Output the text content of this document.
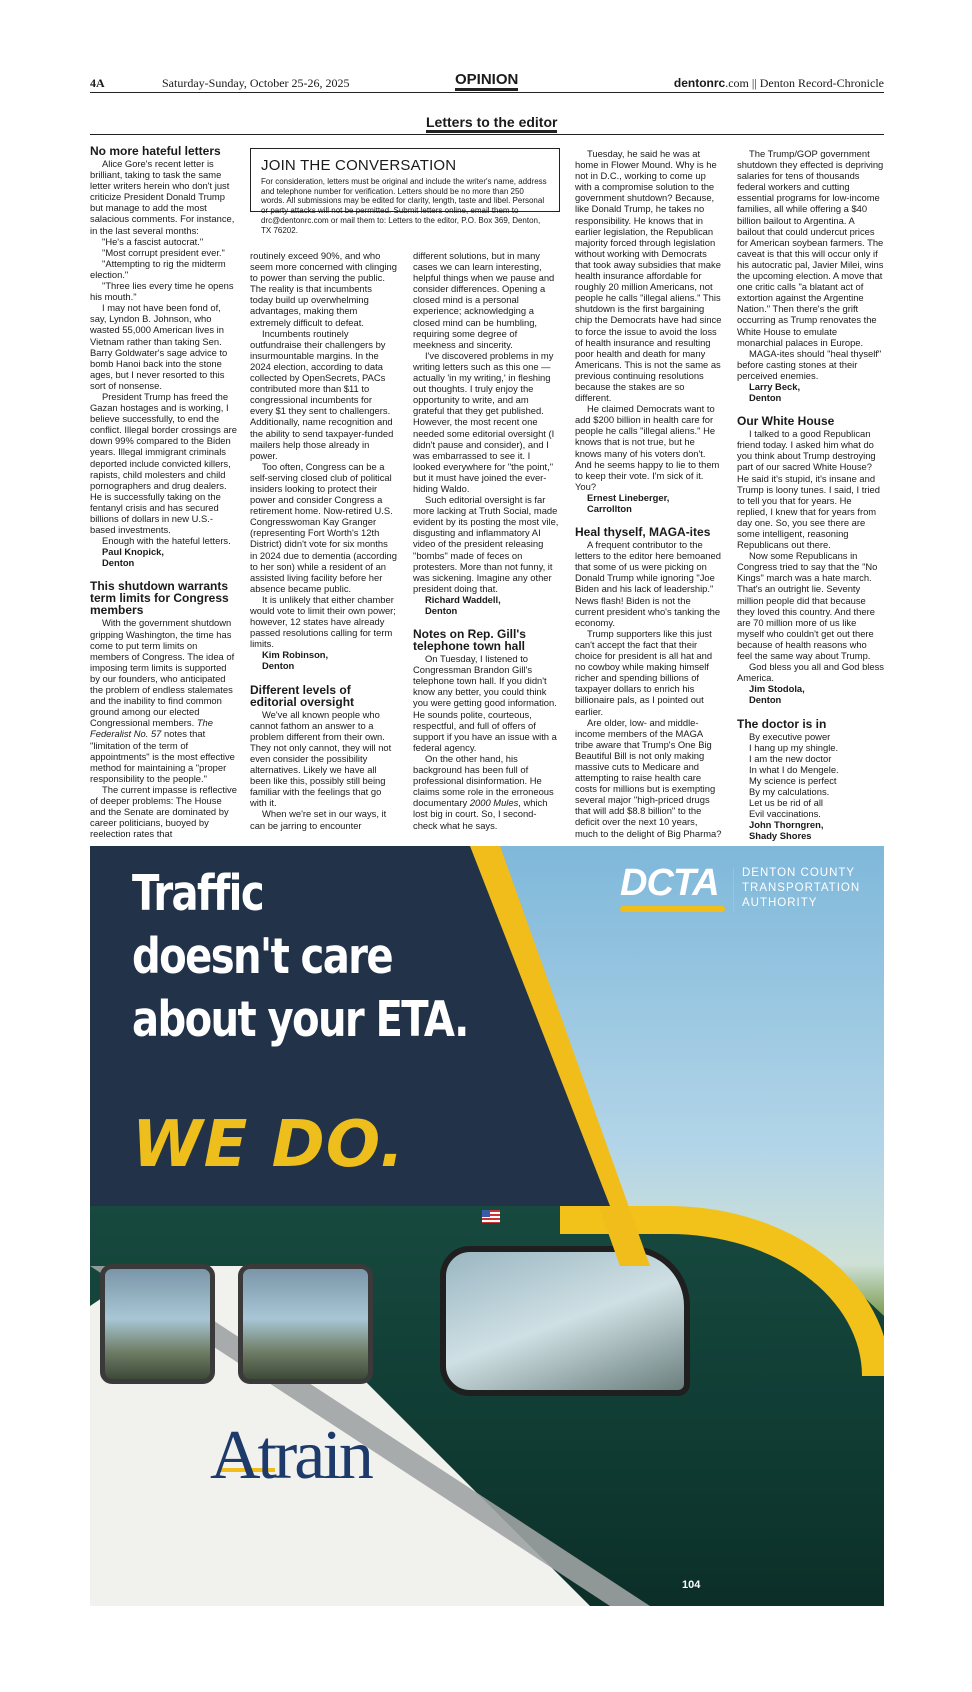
4A	Saturday-Sunday, October 25-26, 2025	OPINION	dentonrc.com || Denton Record-Chronicle
Letters to the editor
JOIN THE CONVERSATION

For consideration, letters must be original and include the writer's name, address and telephone number for verification. Letters should be no more than 250 words. All submissions may be edited for clarity, length, taste and libel. Personal or party attacks will not be permitted. Submit letters online, email them to drc@dentonrc.com or mail them to: Letters to the editor, P.O. Box 369, Denton, TX 76202.

No more hateful letters

Alice Gore's recent letter is brilliant, taking to task the same letter writers herein who don't just criticize President Donald Trump but manage to add the most salacious comments. For instance, in the last several months:

"He's a fascist autocrat."

"Most corrupt president ever."

"Attempting to rig the midterm election."

"Three lies every time he opens his mouth."

I may not have been fond of, say, Lyndon B. Johnson, who wasted 55,000 American lives in Vietnam rather than taking Sen. Barry Goldwater's sage advice to bomb Hanoi back into the stone ages, but I never resorted to this sort of nonsense.

President Trump has freed the Gazan hostages and is working, I believe successfully, to end the conflict. Illegal border crossings are down 99% compared to the Biden years. Illegal immigrant criminals deported include convicted killers, rapists, child molesters and child pornographers and drug dealers. He is successfully taking on the fentanyl crisis and has secured billions of dollars in new U.S.-based investments.

Enough with the hateful letters.

Paul Knopick,

Denton

This shutdown warrants term limits for Congress members

With the government shutdown gripping Washington, the time has come to put term limits on members of Congress. The idea of imposing term limits is supported by our founders, who anticipated the problem of endless stalemates and the inability to find common ground among our elected Congressional members. The Federalist No. 57 notes that "limitation of the term of appointments" is the most effective method for maintaining a "proper responsibility to the people."

The current impasse is reflective of deeper problems: The House and the Senate are dominated by career politicians, buoyed by reelection rates that

routinely exceed 90%, and who seem more concerned with clinging to power than serving the public. The reality is that incumbents today build up overwhelming advantages, making them extremely difficult to defeat.

Incumbents routinely outfundraise their challengers by insurmountable margins. In the 2024 election, according to data collected by OpenSecrets, PACs contributed more than $11 to congressional incumbents for every $1 they sent to challengers. Additionally, name recognition and the ability to send taxpayer-funded mailers help those already in power.

Too often, Congress can be a self-serving closed club of political insiders looking to protect their power and consider Congress a retirement home. Now-retired U.S. Congresswoman Kay Granger (representing Fort Worth's 12th District) didn't vote for six months in 2024 due to dementia (according to her son) while a resident of an assisted living facility before her absence became public.

It is unlikely that either chamber would vote to limit their own power; however, 12 states have already passed resolutions calling for term limits.

Kim Robinson,

Denton

Different levels of editorial oversight

We've all known people who cannot fathom an answer to a problem different from their own. They not only cannot, they will not even consider the possibility alternatives. Likely we have all been like this, possibly still being familiar with the feelings that go with it.

When we're set in our ways, it can be jarring to encounter

different solutions, but in many cases we can learn interesting, helpful things when we pause and consider differences. Opening a closed mind is a personal experience; acknowledging a closed mind can be humbling, requiring some degree of meekness and sincerity.

I've discovered problems in my writing letters such as this one — actually 'in my writing,' in fleshing out thoughts. I truly enjoy the opportunity to write, and am grateful that they get published. However, the most recent one needed some editorial oversight (I didn't pause and consider), and I was embarrassed to see it. I looked everywhere for "the point," but it must have joined the ever-hiding Waldo.

Such editorial oversight is far more lacking at Truth Social, made evident by its posting the most vile, disgusting and inflammatory AI video of the president releasing "bombs" made of feces on protesters. More than not funny, it was sickening. Imagine any other president doing that.

Richard Waddell,

Denton

Notes on Rep. Gill's telephone town hall

On Tuesday, I listened to Congressman Brandon Gill's telephone town hall. If you didn't know any better, you could think you were getting good information. He sounds polite, courteous, respectful, and full of offers of support if you have an issue with a federal agency.

On the other hand, his background has been full of professional disinformation. He claims some role in the erroneous documentary 2000 Mules, which lost big in court. So, I second-check what he says.

Tuesday, he said he was at home in Flower Mound. Why is he not in D.C., working to come up with a compromise solution to the government shutdown? Because, like Donald Trump, he takes no responsibility. He knows that in earlier legislation, the Republican majority forced through legislation without working with Democrats that took away subsidies that make health insurance affordable for roughly 20 million Americans, not people he calls "illegal aliens." This shutdown is the first bargaining chip the Democrats have had since to force the issue to avoid the loss of health insurance and resulting poor health and death for many Americans. This is not the same as previous continuing resolutions because the stakes are so different.

He claimed Democrats want to add $200 billion in health care for people he calls "illegal aliens." He knows that is not true, but he knows many of his voters don't. And he seems happy to lie to them to keep their vote. I'm sick of it. You?

Ernest Lineberger,

Carrollton

Heal thyself, MAGA-ites

A frequent contributor to the letters to the editor here bemoaned that some of us were picking on Donald Trump while ignoring "Joe Biden and his lack of leadership." News flash! Biden is not the current president who's tanking the economy.

Trump supporters like this just can't accept the fact that their choice for president is all hat and no cowboy while making himself richer and spending billions of taxpayer dollars to enrich his billionaire pals, as I pointed out earlier.

Are older, low- and middle-income members of the MAGA tribe aware that Trump's One Big Beautiful Bill is not only making massive cuts to Medicare and attempting to raise health care costs for millions but is exempting several major "high-priced drugs that will add $8.8 billion" to the deficit over the next 10 years, much to the delight of Big Pharma?

The Trump/GOP government shutdown they effected is depriving salaries for tens of thousands federal workers and cutting essential programs for low-income families, all while offering a $40 billion bailout to Argentina. A bailout that could undercut prices for American soybean farmers. The caveat is that this will occur only if his autocratic pal, Javier Milei, wins the upcoming election. A move that one critic calls "a blatant act of extortion against the Argentine Nation." Then there's the grift occurring as Trump renovates the White House to emulate monarchial palaces in Europe.

MAGA-ites should "heal thyself" before casting stones at their perceived enemies.

Larry Beck,

Denton

Our White House

I talked to a good Republican friend today. I asked him what do you think about Trump destroying part of our sacred White House? He said it's stupid, it's insane and Trump is loony tunes. I said, I tried to tell you that for years. He replied, I knew that for years from day one. So, you see there are some intelligent, reasoning Republicans out there.

Now some Republicans in Congress tried to say that the "No Kings" march was a hate march. That's an outright lie. Seventy million people did that because they loved this country. And there are 70 million more of us like myself who couldn't get out there because of health reasons who feel the same way about Trump.

God bless you all and God bless America.

Jim Stodola,

Denton

The doctor is in

By executive power

I hang up my shingle.

I am the new doctor

In what I do Mengele.

My science is perfect

By my calculations.

Let us be rid of all

Evil vaccinations.

John Thorngren,

Shady Shores

Atrain
104
Traffic
doesn't care
about your ETA.
WE DO.
DCTA DENTON COUNTY
TRANSPORTATION
AUTHORITY
